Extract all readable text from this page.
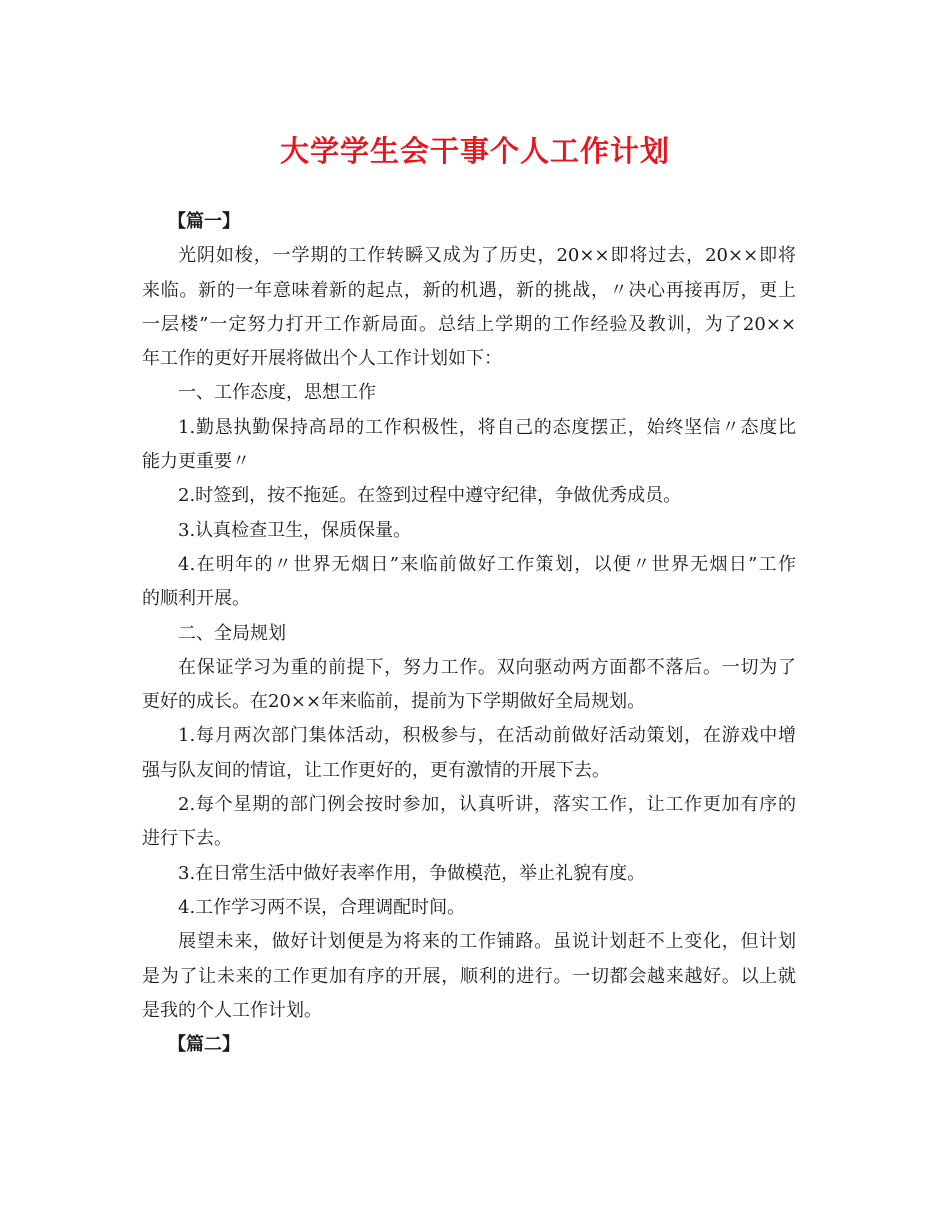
大学学生会干事个人工作计划
【篇一】
光阴如梭，一学期的工作转瞬又成为了历史，20××即将过去，20××即将
来临。新的一年意味着新的起点，新的机遇，新的挑战，〃决心再接再厉，更上
一层楼”一定努力打开工作新局面。总结上学期的工作经验及教训，为了20××
年工作的更好开展将做出个人工作计划如下：
一、工作态度，思想工作
1.勤恳执勤保持高昂的工作积极性，将自己的态度摆正，始终坚信〃态度比
能力更重要〃
2.时签到，按不拖延。在签到过程中遵守纪律，争做优秀成员。
3.认真检查卫生，保质保量。
4.在明年的〃世界无烟日”来临前做好工作策划，以便〃世界无烟日”工作
的顺利开展。
二、全局规划
在保证学习为重的前提下，努力工作。双向驱动两方面都不落后。一切为了
更好的成长。在20××年来临前，提前为下学期做好全局规划。
1.每月两次部门集体活动，积极参与，在活动前做好活动策划，在游戏中增
强与队友间的情谊，让工作更好的，更有激情的开展下去。
2.每个星期的部门例会按时参加，认真听讲，落实工作，让工作更加有序的
进行下去。
3.在日常生活中做好表率作用，争做模范，举止礼貌有度。
4.工作学习两不误，合理调配时间。
展望未来，做好计划便是为将来的工作铺路。虽说计划赶不上变化，但计划
是为了让未来的工作更加有序的开展，顺利的进行。一切都会越来越好。以上就
是我的个人工作计划。
【篇二】
